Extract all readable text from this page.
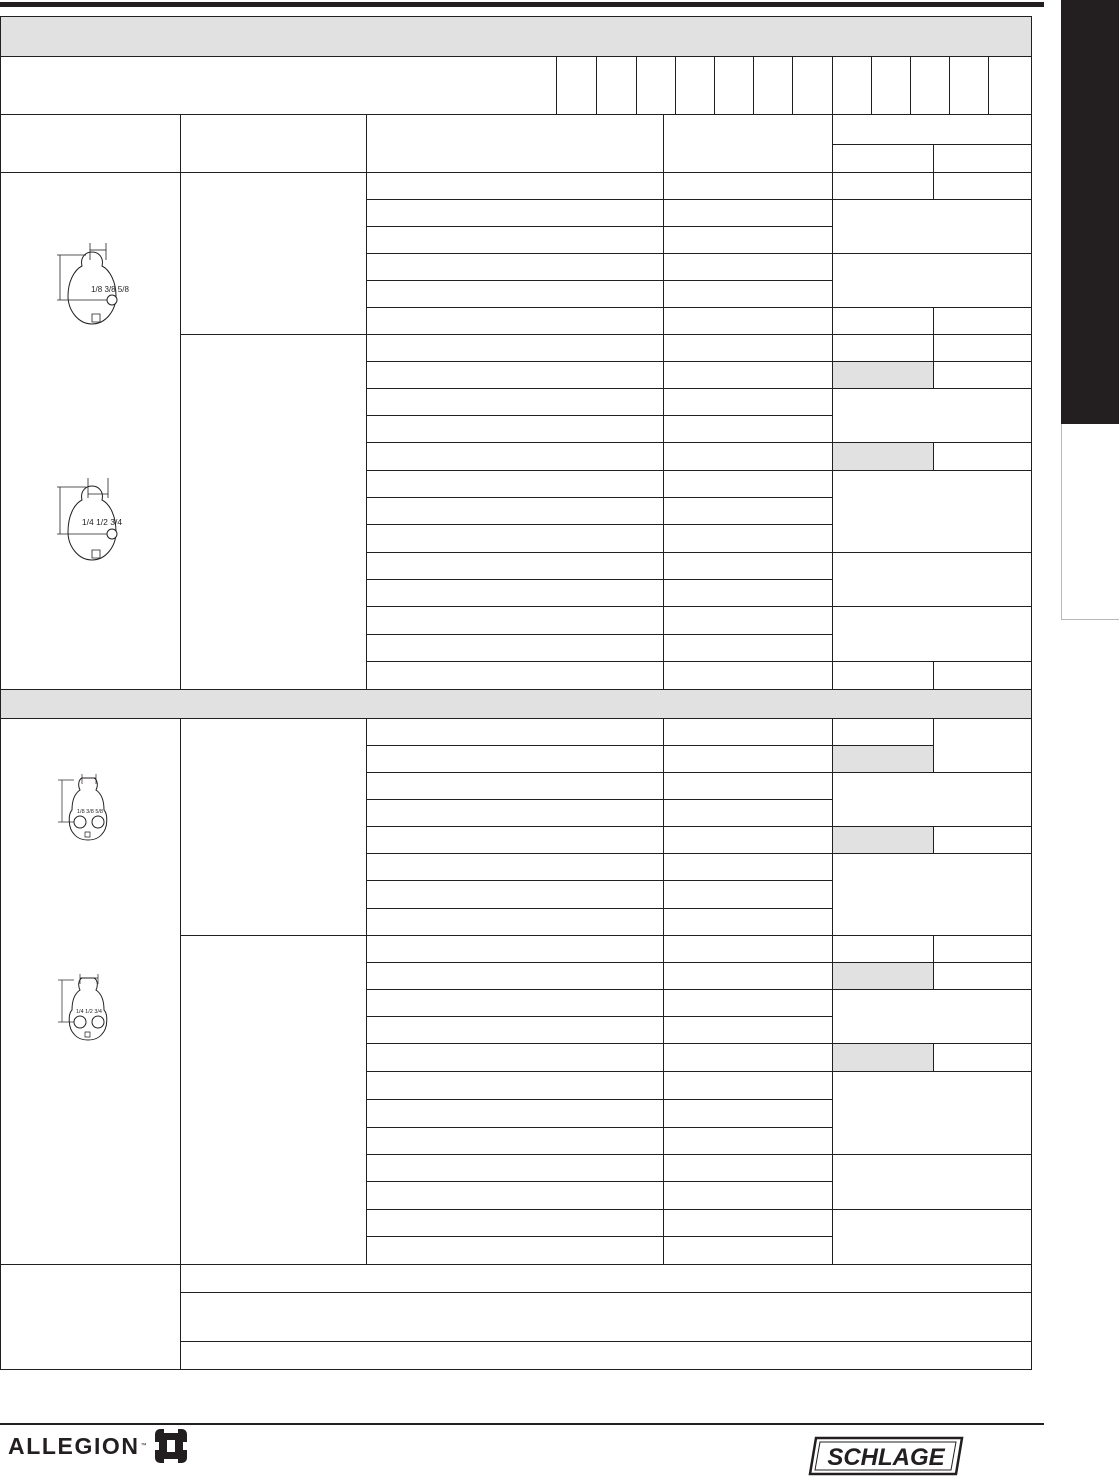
1/8 3/8 5/8
1/4 1/2 3/4
1/8 3/8 5/8
1/4 1/2 3/4
ALLEGION ™	SCHLAGE
